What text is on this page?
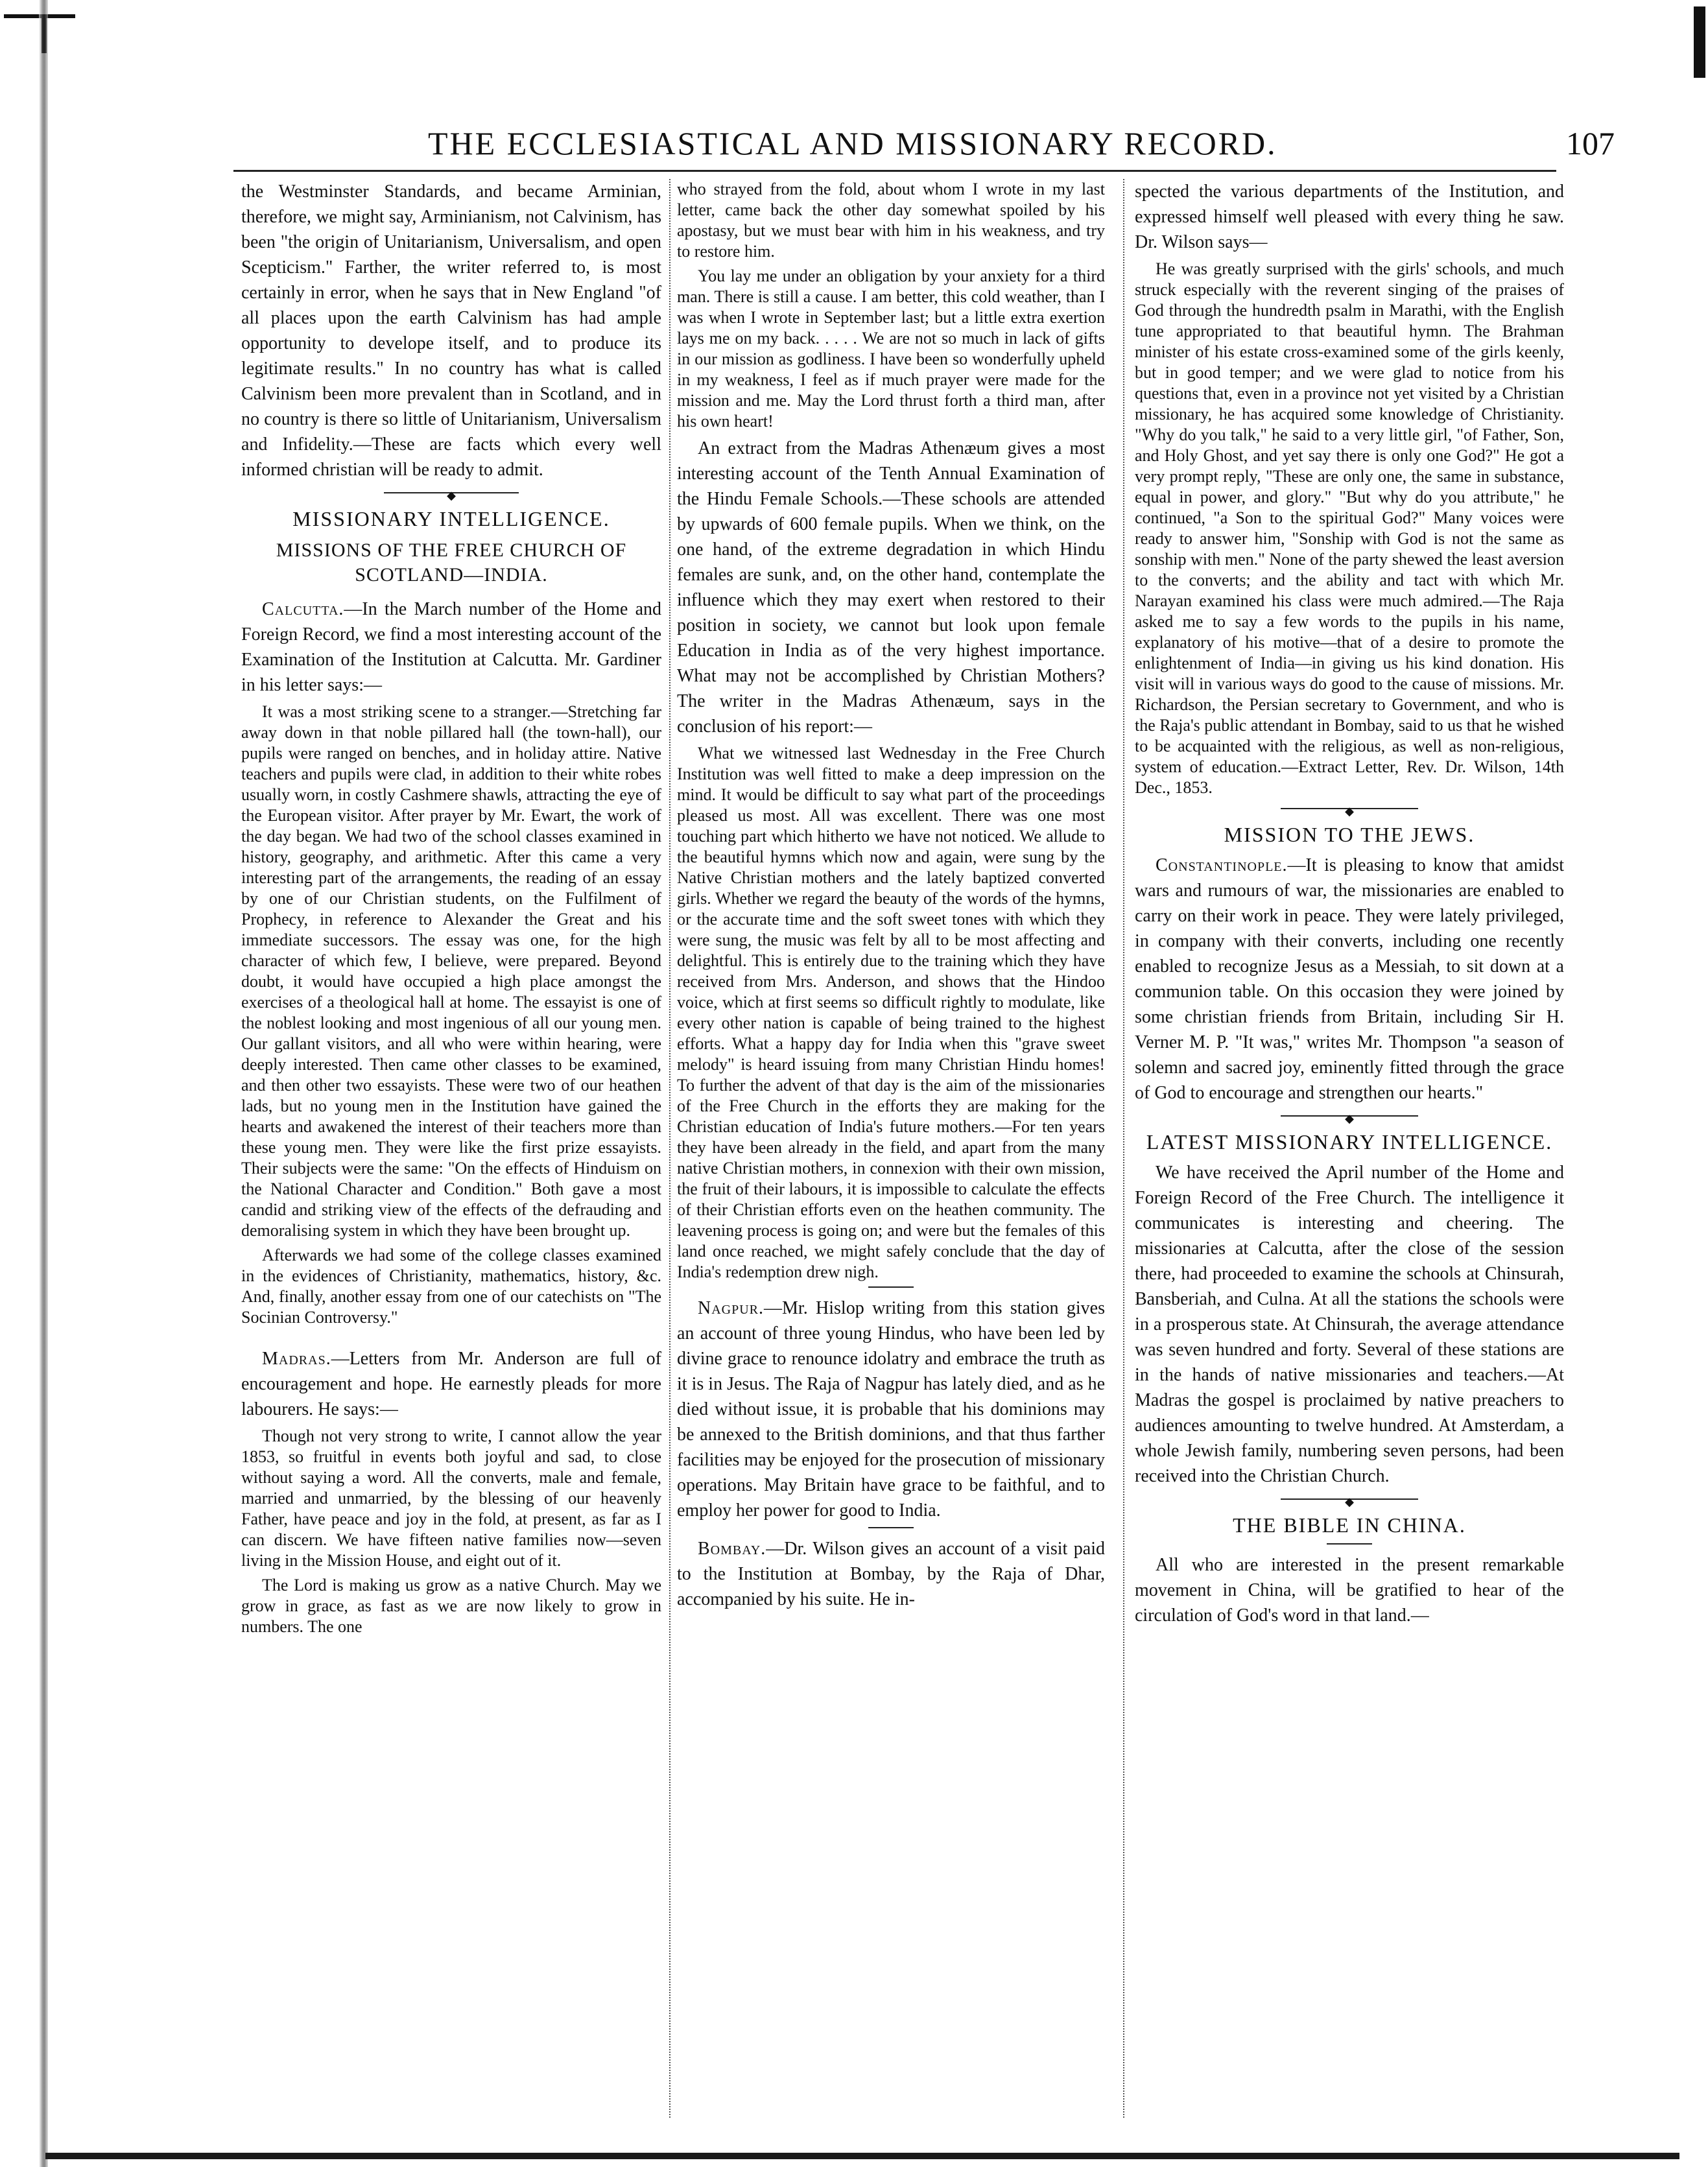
THE ECCLESIASTICAL AND MISSIONARY RECORD.	107

the Westminster Standards, and became Arminian, therefore, we might say, Arminianism, not Calvinism, has been "the origin of Unitarianism, Universalism, and open Scepticism." Farther, the writer referred to, is most certainly in error, when he says that in New England "of all places upon the earth Calvinism has had ample opportunity to develope itself, and to produce its legitimate results." In no country has what is called Calvinism been more prevalent than in Scotland, and in no country is there so little of Unitarianism, Universalism and Infidelity.—These are facts which every well informed christian will be ready to admit.

◆
MISSIONARY INTELLIGENCE.
MISSIONS OF THE FREE CHURCH OF SCOTLAND—INDIA.

Calcutta.—In the March number of the Home and Foreign Record, we find a most interesting account of the Examination of the Institution at Calcutta. Mr. Gardiner in his letter says:—

It was a most striking scene to a stranger.—Stretching far away down in that noble pillared hall (the town-hall), our pupils were ranged on benches, and in holiday attire. Native teachers and pupils were clad, in addition to their white robes usually worn, in costly Cashmere shawls, attracting the eye of the European visitor. After prayer by Mr. Ewart, the work of the day began. We had two of the school classes examined in history, geography, and arithmetic. After this came a very interesting part of the arrangements, the reading of an essay by one of our Christian students, on the Fulfilment of Prophecy, in reference to Alexander the Great and his immediate successors. The essay was one, for the high character of which few, I believe, were prepared. Beyond doubt, it would have occupied a high place amongst the exercises of a theological hall at home. The essayist is one of the noblest looking and most ingenious of all our young men. Our gallant visitors, and all who were within hearing, were deeply interested. Then came other classes to be examined, and then other two essayists. These were two of our heathen lads, but no young men in the Institution have gained the hearts and awakened the interest of their teachers more than these young men. They were like the first prize essayists. Their subjects were the same: "On the effects of Hinduism on the National Character and Condition." Both gave a most candid and striking view of the effects of the defrauding and demoralising system in which they have been brought up.

Afterwards we had some of the college classes examined in the evidences of Christianity, mathematics, history, &c. And, finally, another essay from one of our catechists on "The Socinian Controversy."

Madras.—Letters from Mr. Anderson are full of encouragement and hope. He earnestly pleads for more labourers. He says:—

Though not very strong to write, I cannot allow the year 1853, so fruitful in events both joyful and sad, to close without saying a word. All the converts, male and female, married and unmarried, by the blessing of our heavenly Father, have peace and joy in the fold, at present, as far as I can discern. We have fifteen native families now—seven living in the Mission House, and eight out of it.

The Lord is making us grow as a native Church. May we grow in grace, as fast as we are now likely to grow in numbers. The one

who strayed from the fold, about whom I wrote in my last letter, came back the other day somewhat spoiled by his apostasy, but we must bear with him in his weakness, and try to restore him.

You lay me under an obligation by your anxiety for a third man. There is still a cause. I am better, this cold weather, than I was when I wrote in September last; but a little extra exertion lays me on my back. . . . . We are not so much in lack of gifts in our mission as godliness. I have been so wonderfully upheld in my weakness, I feel as if much prayer were made for the mission and me. May the Lord thrust forth a third man, after his own heart!

An extract from the Madras Athenæum gives a most interesting account of the Tenth Annual Examination of the Hindu Female Schools.—These schools are attended by upwards of 600 female pupils. When we think, on the one hand, of the extreme degradation in which Hindu females are sunk, and, on the other hand, contemplate the influence which they may exert when restored to their position in society, we cannot but look upon female Education in India as of the very highest importance. What may not be accomplished by Christian Mothers? The writer in the Madras Athenæum, says in the conclusion of his report:—

What we witnessed last Wednesday in the Free Church Institution was well fitted to make a deep impression on the mind. It would be difficult to say what part of the proceedings pleased us most. All was excellent. There was one most touching part which hitherto we have not noticed. We allude to the beautiful hymns which now and again, were sung by the Native Christian mothers and the lately baptized converted girls. Whether we regard the beauty of the words of the hymns, or the accurate time and the soft sweet tones with which they were sung, the music was felt by all to be most affecting and delightful. This is entirely due to the training which they have received from Mrs. Anderson, and shows that the Hindoo voice, which at first seems so difficult rightly to modulate, like every other nation is capable of being trained to the highest efforts. What a happy day for India when this "grave sweet melody" is heard issuing from many Christian Hindu homes! To further the advent of that day is the aim of the missionaries of the Free Church in the efforts they are making for the Christian education of India's future mothers.—For ten years they have been already in the field, and apart from the many native Christian mothers, in connexion with their own mission, the fruit of their labours, it is impossible to calculate the effects of their Christian efforts even on the heathen community. The leavening process is going on; and were but the females of this land once reached, we might safely conclude that the day of India's redemption drew nigh.

Nagpur.—Mr. Hislop writing from this station gives an account of three young Hindus, who have been led by divine grace to renounce idolatry and embrace the truth as it is in Jesus. The Raja of Nagpur has lately died, and as he died without issue, it is probable that his dominions may be annexed to the British dominions, and that thus farther facilities may be enjoyed for the prosecution of missionary operations. May Britain have grace to be faithful, and to employ her power for good to India.

Bombay.—Dr. Wilson gives an account of a visit paid to the Institution at Bombay, by the Raja of Dhar, accompanied by his suite. He in-

spected the various departments of the Institution, and expressed himself well pleased with every thing he saw. Dr. Wilson says—

He was greatly surprised with the girls' schools, and much struck especially with the reverent singing of the praises of God through the hundredth psalm in Marathi, with the English tune appropriated to that beautiful hymn. The Brahman minister of his estate cross-examined some of the girls keenly, but in good temper; and we were glad to notice from his questions that, even in a province not yet visited by a Christian missionary, he has acquired some knowledge of Christianity. "Why do you talk," he said to a very little girl, "of Father, Son, and Holy Ghost, and yet say there is only one God?" He got a very prompt reply, "These are only one, the same in substance, equal in power, and glory." "But why do you attribute," he continued, "a Son to the spiritual God?" Many voices were ready to answer him, "Sonship with God is not the same as sonship with men." None of the party shewed the least aversion to the converts; and the ability and tact with which Mr. Narayan examined his class were much admired.—The Raja asked me to say a few words to the pupils in his name, explanatory of his motive—that of a desire to promote the enlightenment of India—in giving us his kind donation. His visit will in various ways do good to the cause of missions. Mr. Richardson, the Persian secretary to Government, and who is the Raja's public attendant in Bombay, said to us that he wished to be acquainted with the religious, as well as non-religious, system of education.—Extract Letter, Rev. Dr. Wilson, 14th Dec., 1853.

◆
MISSION TO THE JEWS.

Constantinople.—It is pleasing to know that amidst wars and rumours of war, the missionaries are enabled to carry on their work in peace. They were lately privileged, in company with their converts, including one recently enabled to recognize Jesus as a Messiah, to sit down at a communion table. On this occasion they were joined by some christian friends from Britain, including Sir H. Verner M. P. "It was," writes Mr. Thompson "a season of solemn and sacred joy, eminently fitted through the grace of God to encourage and strengthen our hearts."

◆
LATEST MISSIONARY INTELLIGENCE.

We have received the April number of the Home and Foreign Record of the Free Church. The intelligence it communicates is interesting and cheering. The missionaries at Calcutta, after the close of the session there, had proceeded to examine the schools at Chinsurah, Bansberiah, and Culna. At all the stations the schools were in a prosperous state. At Chinsurah, the average attendance was seven hundred and forty. Several of these stations are in the hands of native missionaries and teachers.—At Madras the gospel is proclaimed by native preachers to audiences amounting to twelve hundred. At Amsterdam, a whole Jewish family, numbering seven persons, had been received into the Christian Church.

◆
THE BIBLE IN CHINA.

All who are interested in the present remarkable movement in China, will be gratified to hear of the circulation of God's word in that land.—
